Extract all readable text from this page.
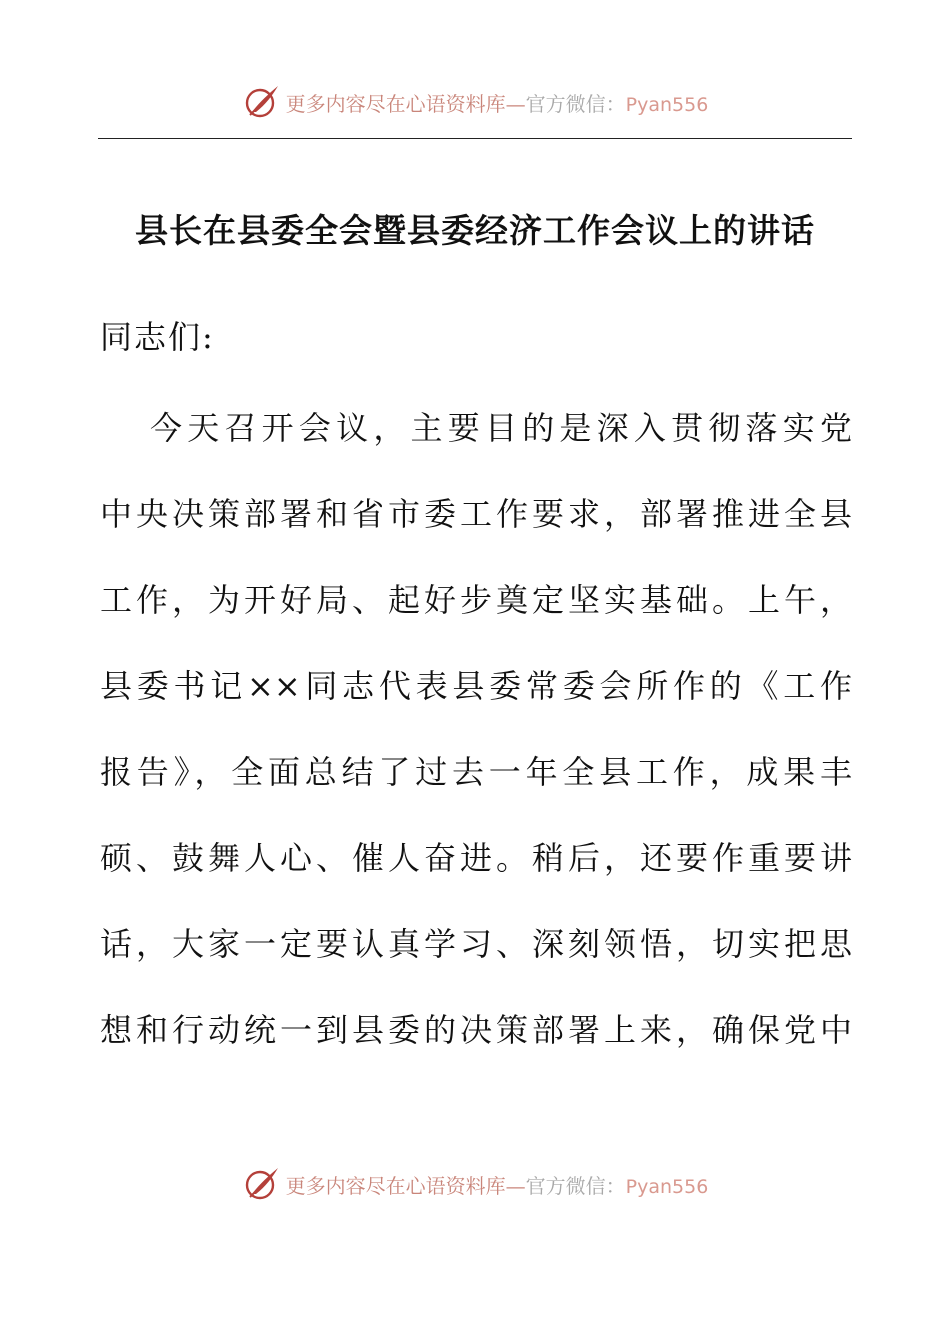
更多内容尽在心语资料库—官方微信：Pyan556
县长在县委全会暨县委经济工作会议上的讲话

同志们:

今天召开会议，主要目的是深入贯彻落实党
中央决策部署和省市委工作要求，部署推进全县
工作，为开好局、起好步奠定坚实基础。上午，
县委书记××同志代表县委常委会所作的《工作
报告》，全面总结了过去一年全县工作，成果丰
硕、鼓舞人心、催人奋进。稍后，还要作重要讲
话，大家一定要认真学习、深刻领悟，切实把思
想和行动统一到县委的决策部署上来，确保党中
更多内容尽在心语资料库—官方微信：Pyan556
